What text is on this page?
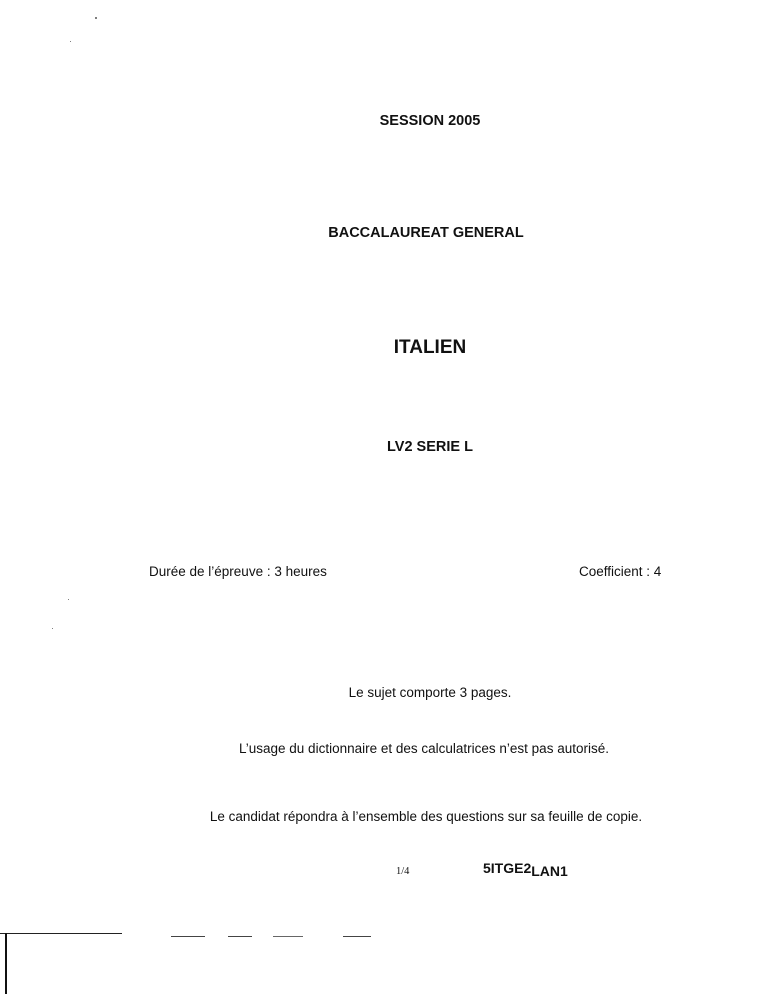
SESSION 2005
BACCALAUREAT GENERAL
ITALIEN
LV2 SERIE L
Durée de l’épreuve : 3 heures	Coefficient : 4
Le sujet comporte 3 pages.
L’usage du dictionnaire et des calculatrices n’est pas autorisé.
Le candidat répondra à l’ensemble des questions sur sa feuille de copie.
1/4	5ITGE2LAN1
